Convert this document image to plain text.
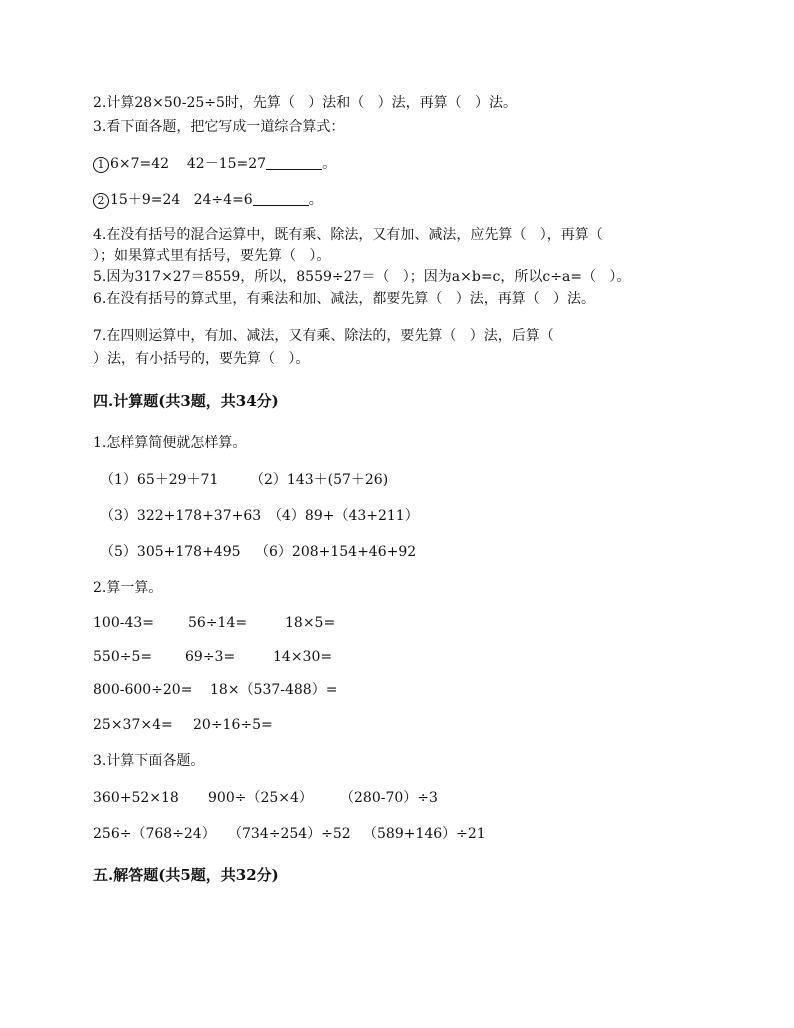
2.计算28×50-25÷5时，先算（   ）法和（   ）法，再算（   ）法。
3.看下面各题，把它写成一道综合算式：
1 6×7=42    42－15=27	。
2 15＋9=24   24÷4=6	。
4.在没有括号的混合运算中，既有乘、除法，又有加、减法，应先算（   ），再算（
）；如果算式里有括号，要先算（   ）。
5.因为317×27＝8559，所以，8559÷27＝（   ）；因为a×b=c，所以c÷a=（   ）。
6.在没有括号的算式里，有乘法和加、减法，都要先算（   ）法，再算（   ）法。
7.在四则运算中，有加、减法，又有乘、除法的，要先算（   ）法，后算（
）法，有小括号的，要先算（   ）。
四.计算题(共3题，共34分)
1.怎样算简便就怎样算。
（1）65＋29＋71 （2）143＋(57＋26)
（3）322+178+37+63 （4）89+（43+211）
（5）305+178+495 （6）208+154+46+92
2.算一算。
100-43= 56÷14=	18×5=
550÷5= 69÷3=	14×30=
800-600÷20= 18×（537-488）=
25×37×4= 20÷16÷5=
3.计算下面各题。
360+52×18 900÷（25×4） （280-70）÷3
256÷（768÷24） （734÷254）÷52 （589+146）÷21
五.解答题(共5题，共32分)
